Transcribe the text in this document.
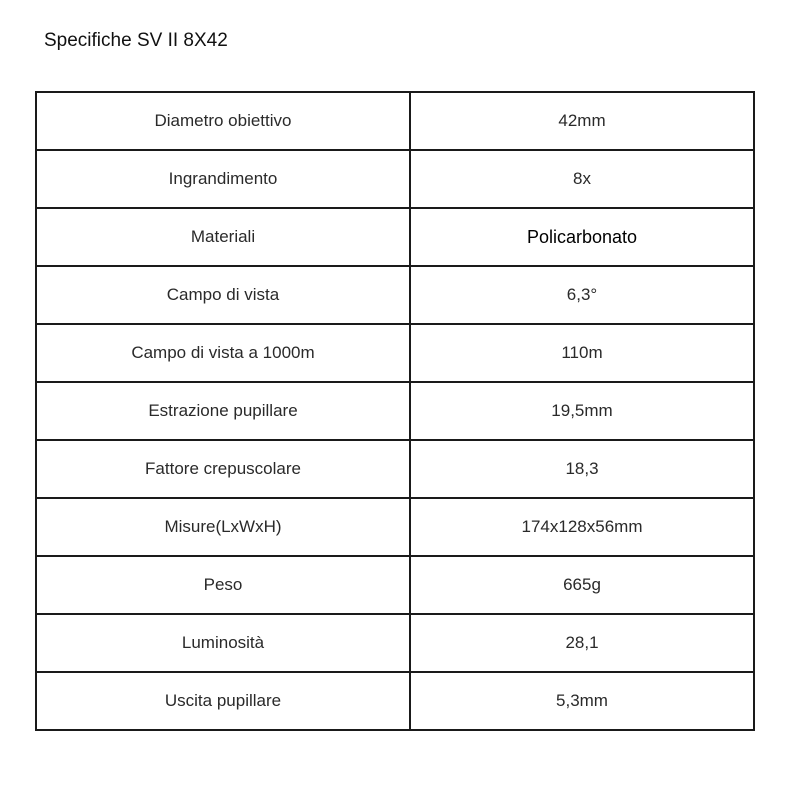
Specifiche SV II 8X42
Diametro obiettivo	42mm
Ingrandimento	8x
Materiali	Policarbonato
Campo di vista	6,3°
Campo di vista a 1000m	110m
Estrazione pupillare	19,5mm
Fattore crepuscolare	18,3
Misure(LxWxH)	174x128x56mm
Peso	665g
Luminosità	28,1
Uscita pupillare	5,3mm
